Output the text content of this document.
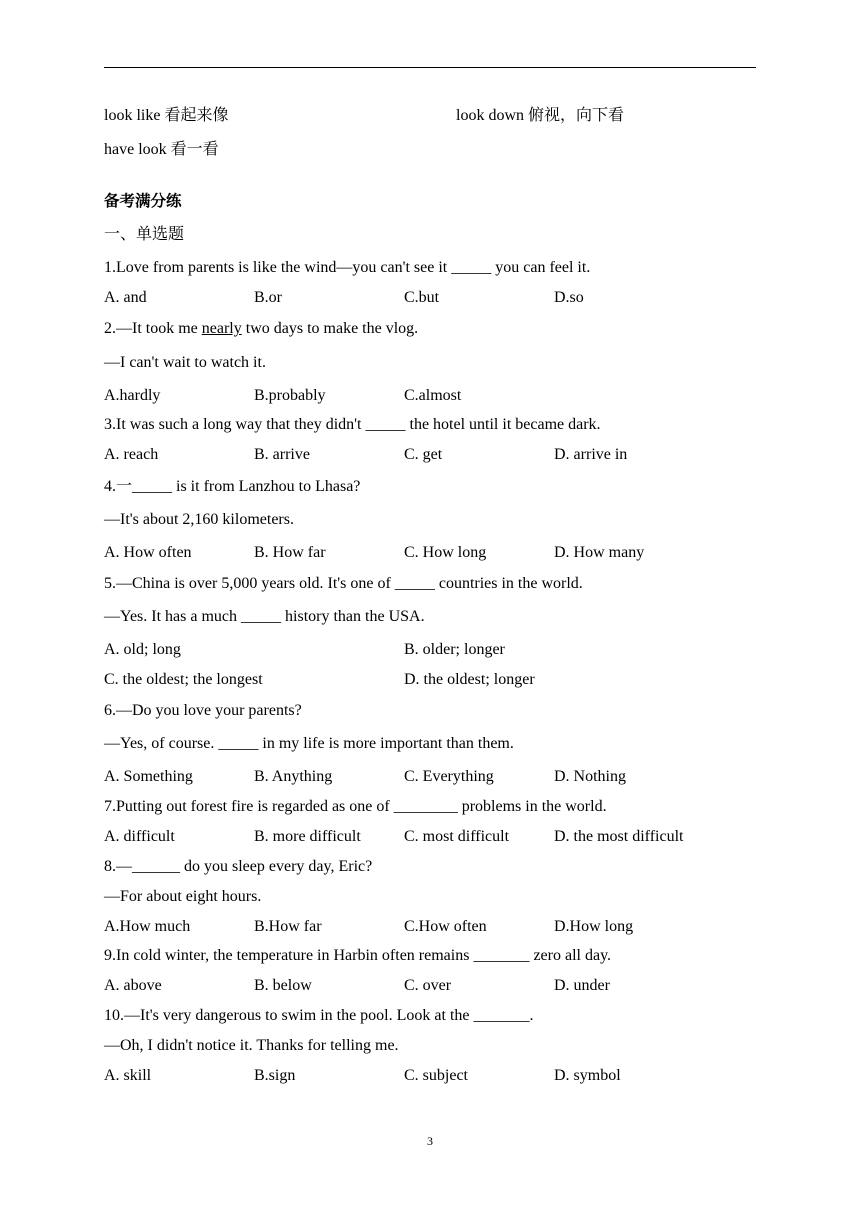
look like 看起来像	look down 俯视，向下看
have look 看一看
备考满分练
一、单选题
1.Love from parents is like the wind—you can't see it _____ you can feel it.
A. and	B.or	C.but	D.so
2.—It took me nearly two days to make the vlog.
—I can't wait to watch it.
A.hardly	B.probably	C.almost
3.It was such a long way that they didn't _____ the hotel until it became dark.
A. reach	B. arrive	C. get	D. arrive in
4.一_____ is it from Lanzhou to Lhasa?
—It's about 2,160 kilometers.
A. How often	B. How far	C. How long	D. How many
5.—China is over 5,000 years old. It's one of _____ countries in the world.
—Yes. It has a much _____ history than the USA.
A. old; long	B. older; longer
C. the oldest; the longest	D. the oldest; longer
6.—Do you love your parents?
—Yes, of course. _____ in my life is more important than them.
A. Something	B. Anything	C. Everything	D. Nothing
7.Putting out forest fire is regarded as one of ________ problems in the world.
A. difficult	B. more difficult	C. most difficult	D. the most difficult
8.—______ do you sleep every day, Eric?
—For about eight hours.
A.How much	B.How far	C.How often	D.How long
9.In cold winter, the temperature in Harbin often remains _______ zero all day.
A. above	B. below	C. over	D. under
10.—It's very dangerous to swim in the pool. Look at the _______.
—Oh, I didn't notice it. Thanks for telling me.
A. skill	B.sign	C. subject	D. symbol
3
